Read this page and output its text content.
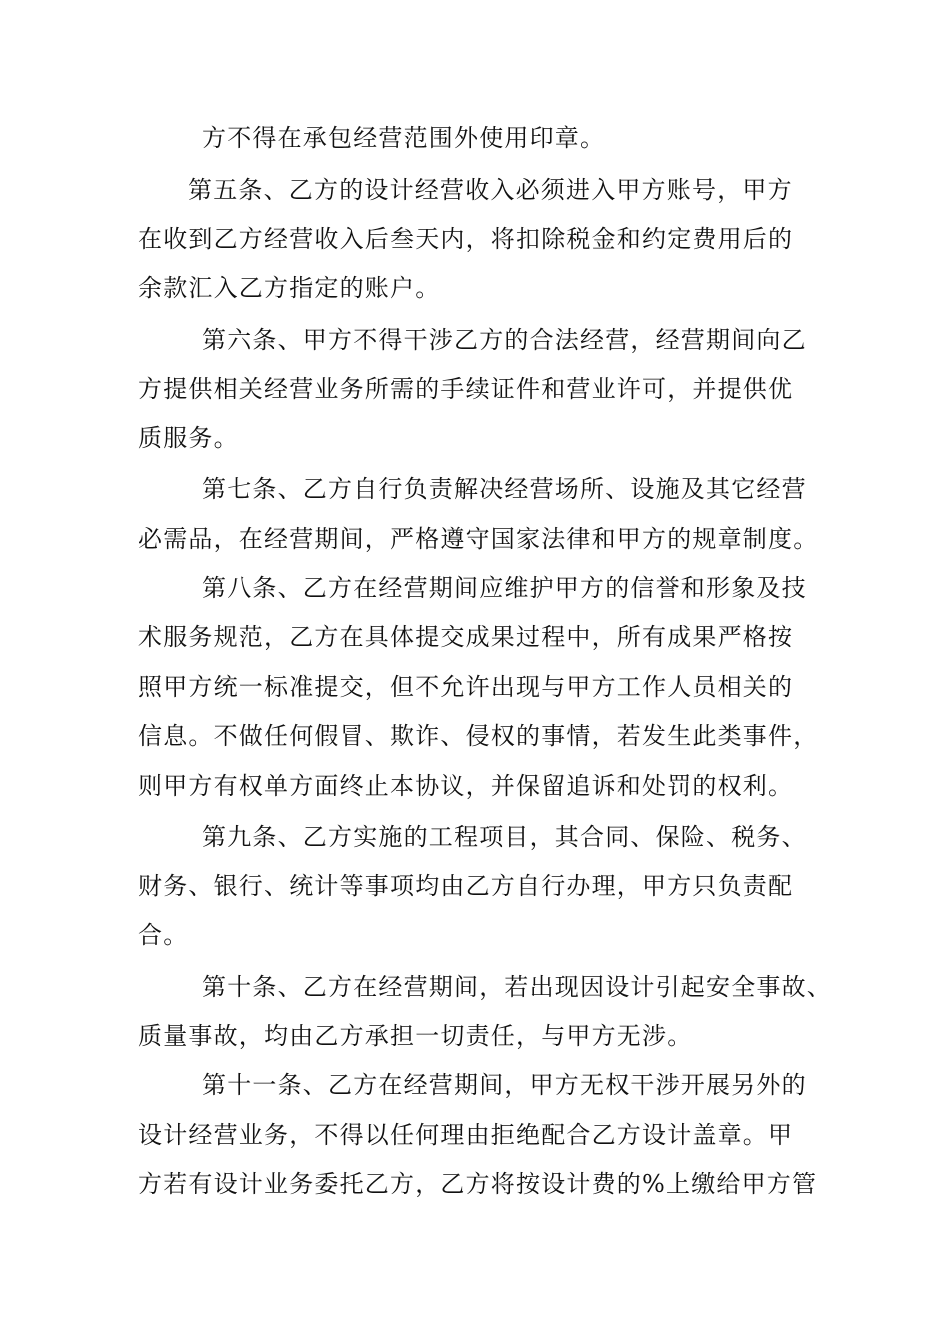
方不得在承包经营范围外使用印章。
第五条、乙方的设计经营收入必须进入甲方账号，甲方
在收到乙方经营收入后叁天内，将扣除税金和约定费用后的
余款汇入乙方指定的账户。
第六条、甲方不得干涉乙方的合法经营，经营期间向乙
方提供相关经营业务所需的手续证件和营业许可，并提供优
质服务。
第七条、乙方自行负责解决经营场所、设施及其它经营
必需品，在经营期间，严格遵守国家法律和甲方的规章制度。
第八条、乙方在经营期间应维护甲方的信誉和形象及技
术服务规范，乙方在具体提交成果过程中，所有成果严格按
照甲方统一标准提交，但不允许出现与甲方工作人员相关的
信息。不做任何假冒、欺诈、侵权的事情，若发生此类事件，
则甲方有权单方面终止本协议，并保留追诉和处罚的权利。
第九条、乙方实施的工程项目，其合同、保险、税务、
财务、银行、统计等事项均由乙方自行办理，甲方只负责配
合。
第十条、乙方在经营期间，若出现因设计引起安全事故、
质量事故，均由乙方承担一切责任，与甲方无涉。
第十一条、乙方在经营期间，甲方无权干涉开展另外的
设计经营业务，不得以任何理由拒绝配合乙方设计盖章。甲
方若有设计业务委托乙方，乙方将按设计费的%上缴给甲方管
